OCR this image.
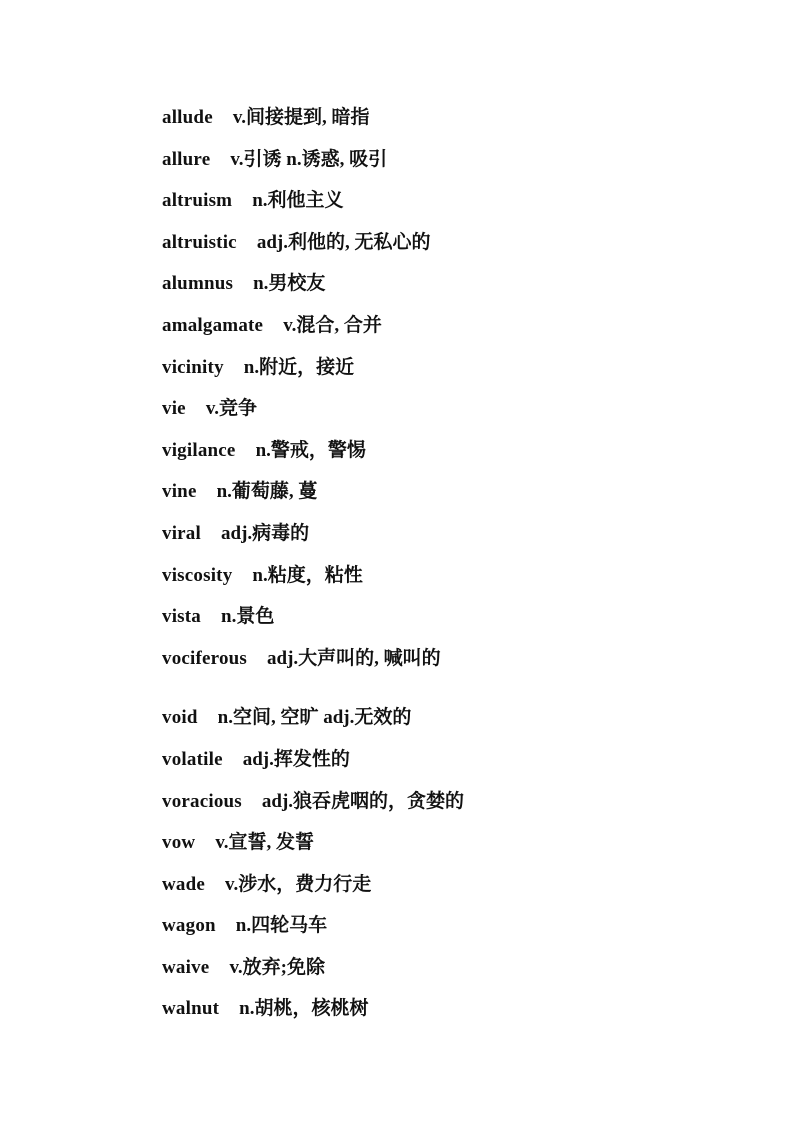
allude v.间接提到, 暗指
allure v.引诱 n.诱惑, 吸引
altruism n.利他主义
altruistic adj.利他的, 无私心的
alumnus n.男校友
amalgamate v.混合, 合并
vicinity n.附近，接近
vie v.竞争
vigilance n.警戒，警惕
vine n.葡萄藤, 蔓
viral adj.病毒的
viscosity n.粘度，粘性
vista n.景色
vociferous adj.大声叫的, 喊叫的
void n.空间, 空旷 adj.无效的
volatile adj.挥发性的
voracious adj.狼吞虎咽的，贪婪的
vow v.宣誓, 发誓
wade v.涉水，费力行走
wagon n.四轮马车
waive v.放弃;免除
walnut n.胡桃，核桃树
